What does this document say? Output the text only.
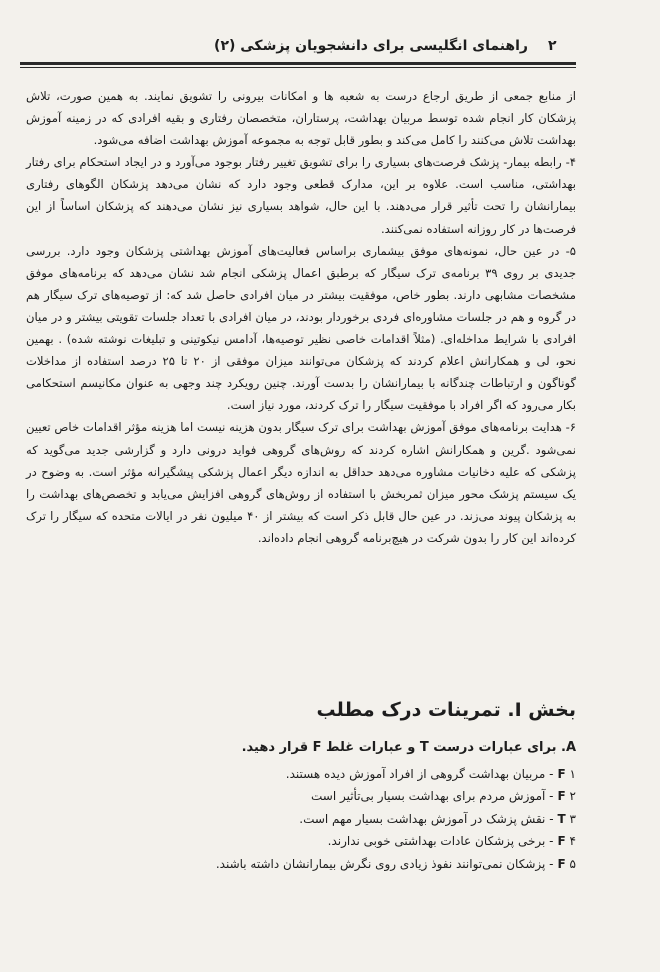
۲
راهنمای انگلیسی برای دانشجویان پزشکی (۲)

از منابع جمعی از طریق ارجاع درست به شعبه ها و امکانات بیرونی را تشویق نمایند. به همین صورت، تلاش پزشکان کار انجام شده توسط مربیان بهداشت، پرستاران، متخصصان رفتاری و بقیه افرادی که در زمینه آموزش بهداشت تلاش می‌کنند را کامل می‌کند و بطور قابل توجه به مجموعه آموزش بهداشت اضافه می‌شود.

۴- رابطه بیمار- پزشک فرصت‌های بسیاری را برای تشویق تغییر رفتار بوجود می‌آورد و در ایجاد استحکام برای رفتار بهداشتی، مناسب است. علاوه بر این، مدارک قطعی وجود دارد که نشان می‌دهد پزشکان الگوهای رفتاری بیمارانشان را تحت تأثیر قرار می‌دهند. با این حال، شواهد بسیاری نیز نشان می‌دهند که پزشکان اساساً از این فرصت‌ها در کار روزانه استفاده نمی‌کنند.

۵- در عین حال، نمونه‌های موفق بیشماری براساس فعالیت‌های آموزش بهداشتی پزشکان وجود دارد. بررسی جدیدی بر روی ۳۹ برنامه‌ی ترک سیگار که برطبق اعمال پزشکی انجام شد نشان می‌دهد که برنامه‌های موفق مشخصات مشابهی دارند. بطور خاص، موفقیت بیشتر در میان افرادی حاصل شد که: از توصیه‌های ترک سیگار هم در گروه و هم در جلسات مشاوره‌ای فردی برخوردار بودند، در میان افرادی با تعداد جلسات تقویتی بیشتر و در میان افرادی با شرایط مداخله‌ای. (مثلاً اقدامات خاصی نظیر توصیه‌ها، آدامس نیکوتینی و تبلیغات نوشته شده) . بهمین نحو، لی و همکارانش اعلام کردند که پزشکان می‌توانند میزان موفقی از ۲۰ تا ۲۵ درصد استفاده از مداخلات گوناگون و ارتباطات چندگانه با بیمارانشان را بدست آورند. چنین رویکرد چند وجهی به عنوان مکانیسم استحکامی بکار می‌رود که اگر افراد با موفقیت سیگار را ترک کردند، مورد نیاز است.

۶- هدایت برنامه‌های موفق آموزش بهداشت برای ترک سیگار بدون هزینه نیست اما هزینه مؤثر اقدامات خاص تعیین نمی‌شود .گرین و همکارانش اشاره کردند که روش‌های گروهی فواید درونی دارد و گزارشی جدید می‌گوید که پزشکی که علیه دخانیات مشاوره می‌دهد حداقل به اندازه دیگر اعمال پزشکی پیشگیرانه مؤثر است. به وضوح در یک سیستم پزشک محور میزان ثمربخش با استفاده از روش‌های گروهی افزایش می‌یابد و تخصص‌های بهداشت را به پزشکان پیوند می‌زند. در عین حال قابل ذکر است که بیشتر از ۴۰ میلیون نفر در ایالات متحده که سیگار را ترک کرده‌اند این کار را بدون شرکت در هیچ‌برنامه گروهی انجام داده‌اند.

بخش I. تمرینات درک مطلب
A. برای عبارات درست T و عبارات غلط F قرار دهید.

F ۱- مربیان بهداشت گروهی از افراد آموزش دیده هستند.

F ۲- آموزش مردم برای بهداشت بسیار بی‌تأثیر است

T ۳- نقش پزشک در آموزش بهداشت بسیار مهم است.

F ۴- برخی پزشکان عادات بهداشتی خوبی ندارند.

F ۵- پزشکان نمی‌توانند نفوذ زیادی روی نگرش بیمارانشان داشته باشند.
